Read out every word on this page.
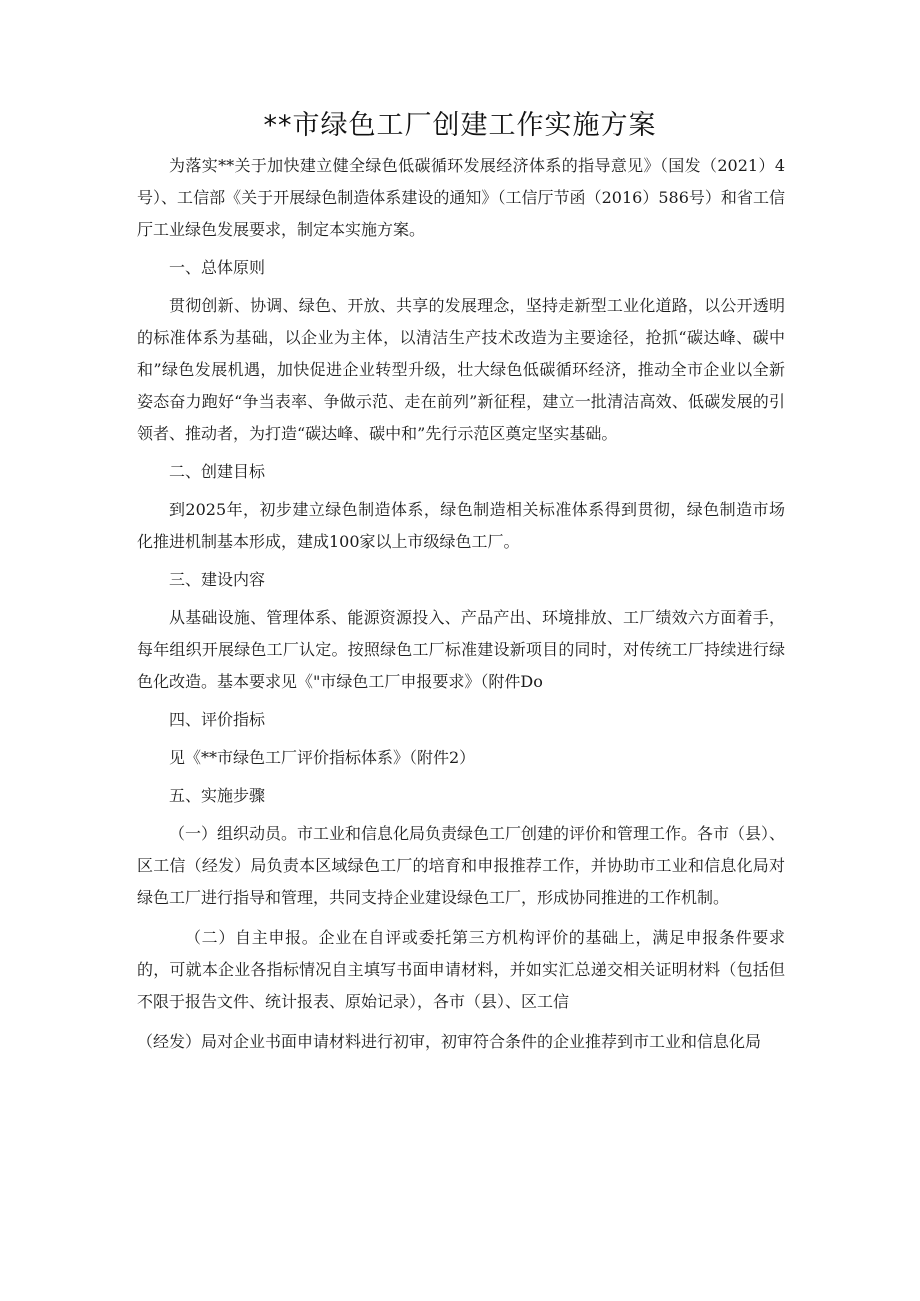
**市绿色工厂创建工作实施方案

为落实**关于加快建立健全绿色低碳循环发展经济体系的指导意见》（国发（2021）4号）、工信部《关于开展绿色制造体系建设的通知》（工信厅节函（2016）586号）和省工信厅工业绿色发展要求，制定本实施方案。

一、总体原则

贯彻创新、协调、绿色、开放、共享的发展理念，坚持走新型工业化道路，以公开透明的标准体系为基础，以企业为主体，以清洁生产技术改造为主要途径，抢抓“碳达峰、碳中和”绿色发展机遇，加快促进企业转型升级，壮大绿色低碳循环经济，推动全市企业以全新姿态奋力跑好“争当表率、争做示范、走在前列”新征程，建立一批清洁高效、低碳发展的引领者、推动者，为打造“碳达峰、碳中和”先行示范区奠定坚实基础。

二、创建目标

到2025年，初步建立绿色制造体系，绿色制造相关标准体系得到贯彻，绿色制造市场化推进机制基本形成，建成100家以上市级绿色工厂。

三、建设内容

从基础设施、管理体系、能源资源投入、产品产出、环境排放、工厂绩效六方面着手，每年组织开展绿色工厂认定。按照绿色工厂标准建设新项目的同时，对传统工厂持续进行绿色化改造。基本要求见《"市绿色工厂申报要求》（附件Do

四、评价指标

见《**市绿色工厂评价指标体系》（附件2）

五、实施步骤

（一）组织动员。市工业和信息化局负责绿色工厂创建的评价和管理工作。各市（县）、区工信（经发）局负责本区域绿色工厂的培育和申报推荐工作，并协助市工业和信息化局对绿色工厂进行指导和管理，共同支持企业建设绿色工厂，形成协同推进的工作机制。

（二）自主申报。企业在自评或委托第三方机构评价的基础上，满足申报条件要求的，可就本企业各指标情况自主填写书面申请材料，并如实汇总递交相关证明材料（包括但不限于报告文件、统计报表、原始记录），各市（县）、区工信

（经发）局对企业书面申请材料进行初审，初审符合条件的企业推荐到市工业和信息化局
